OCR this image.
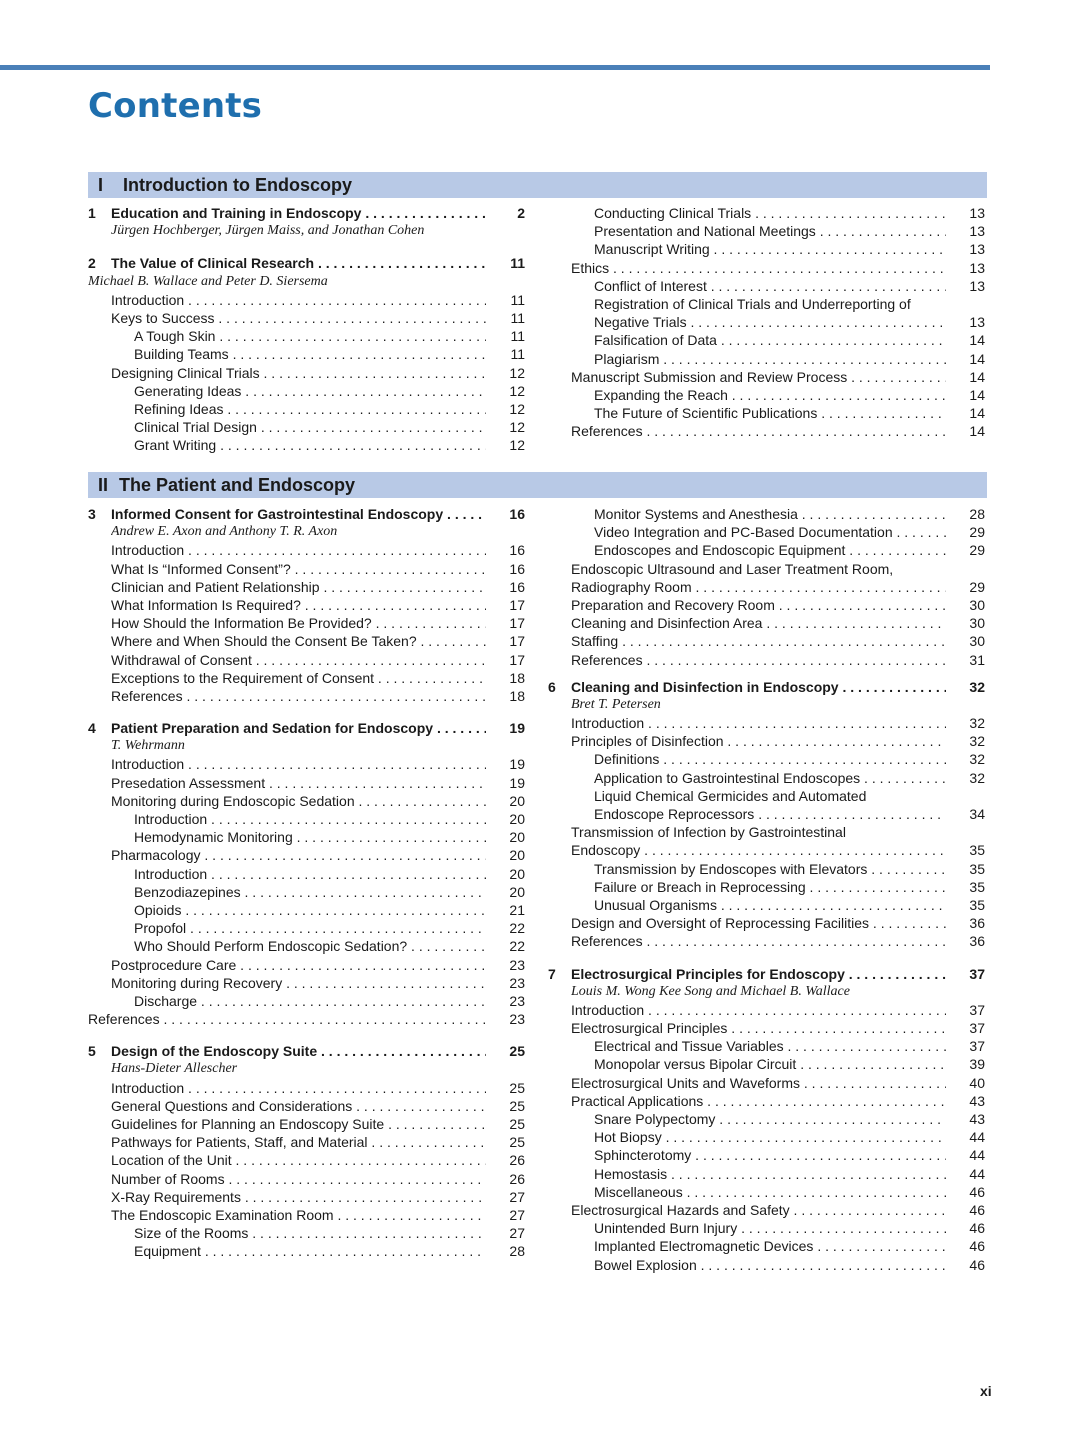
Contents
I Introduction to Endoscopy
II The Patient and Endoscopy
1 Education and Training in Endoscopy . . .	2
Jürgen Hochberger, Jürgen Maiss, and Jonathan Cohen
2 The Value of Clinical Research . . .	11
Michael B. Wallace and Peter D. Siersema
Introduction . . .	11
Keys to Success . . .	11
A Tough Skin . . .	11
Building Teams . . .	11
Designing Clinical Trials . . .	12
Generating Ideas . . .	12
Refining Ideas . . .	12
Clinical Trial Design . . .	12
Grant Writing . . .	12
Conducting Clinical Trials . . .	13
Presentation and National Meetings . . .	13
Manuscript Writing . . .	13
Ethics . . .	13
Conflict of Interest . . .	13
Registration of Clinical Trials and Underreporting of
Negative Trials . . .	13
Falsification of Data . . .	14
Plagiarism . . .	14
Manuscript Submission and Review Process . . .	14
Expanding the Reach . . .	14
The Future of Scientific Publications . . .	14
References . . .	14
3 Informed Consent for Gastrointestinal Endoscopy . . .	16
Andrew E. Axon and Anthony T. R. Axon
Introduction . . .	16
What Is “Informed Consent”? . . .	16
Clinician and Patient Relationship . . .	16
What Information Is Required? . . .	17
How Should the Information Be Provided? . . .	17
Where and When Should the Consent Be Taken? . . .	17
Withdrawal of Consent . . .	17
Exceptions to the Requirement of Consent . . .	18
References . . .	18
4 Patient Preparation and Sedation for Endoscopy . . .	19
T. Wehrmann
Introduction . . .	19
Presedation Assessment . . .	19
Monitoring during Endoscopic Sedation . . .	20
Introduction . . .	20
Hemodynamic Monitoring . . .	20
Pharmacology . . .	20
Introduction . . .	20
Benzodiazepines . . .	20
Opioids . . .	21
Propofol . . .	22
Who Should Perform Endoscopic Sedation? . . .	22
Postprocedure Care . . .	23
Monitoring during Recovery . . .	23
Discharge . . .	23
References . . .	23
5 Design of the Endoscopy Suite . . .	25
Hans-Dieter Allescher
Introduction . . .	25
General Questions and Considerations . . .	25
Guidelines for Planning an Endoscopy Suite . . .	25
Pathways for Patients, Staff, and Material . . .	25
Location of the Unit . . .	26
Number of Rooms . . .	26
X-Ray Requirements . . .	27
The Endoscopic Examination Room . . .	27
Size of the Rooms . . .	27
Equipment . . .	28
Monitor Systems and Anesthesia . . .	28
Video Integration and PC-Based Documentation . . .	29
Endoscopes and Endoscopic Equipment . . .	29
Endoscopic Ultrasound and Laser Treatment Room,
Radiography Room . . .	29
Preparation and Recovery Room . . .	30
Cleaning and Disinfection Area . . .	30
Staffing . . .	30
References . . .	31
6 Cleaning and Disinfection in Endoscopy . . .	32
Bret T. Petersen
Introduction . . .	32
Principles of Disinfection . . .	32
Definitions . . .	32
Application to Gastrointestinal Endoscopes . . .	32
Liquid Chemical Germicides and Automated
Endoscope Reprocessors . . .	34
Transmission of Infection by Gastrointestinal
Endoscopy . . .	35
Transmission by Endoscopes with Elevators . . .	35
Failure or Breach in Reprocessing . . .	35
Unusual Organisms . . .	35
Design and Oversight of Reprocessing Facilities . . .	36
References . . .	36
7 Electrosurgical Principles for Endoscopy . . .	37
Louis M. Wong Kee Song and Michael B. Wallace
Introduction . . .	37
Electrosurgical Principles . . .	37
Electrical and Tissue Variables . . .	37
Monopolar versus Bipolar Circuit . . .	39
Electrosurgical Units and Waveforms . . .	40
Practical Applications . . .	43
Snare Polypectomy . . .	43
Hot Biopsy . . .	44
Sphincterotomy . . .	44
Hemostasis . . .	44
Miscellaneous . . .	46
Electrosurgical Hazards and Safety . . .	46
Unintended Burn Injury . . .	46
Implanted Electromagnetic Devices . . .	46
Bowel Explosion . . .	46
xi
